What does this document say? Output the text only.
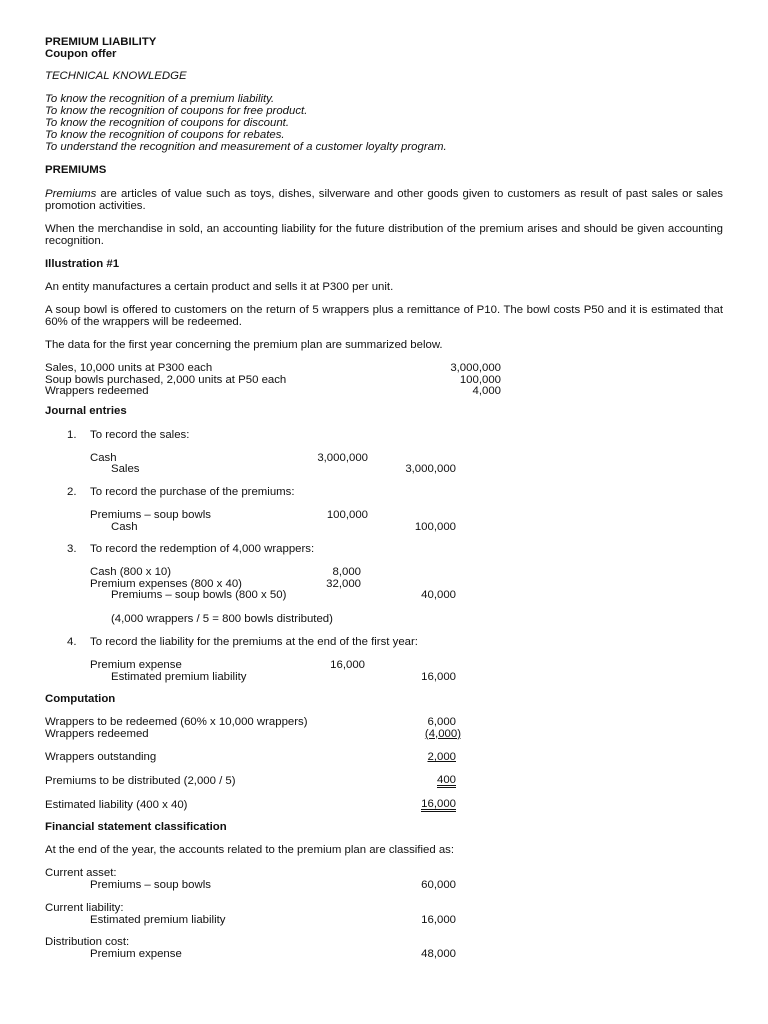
PREMIUM LIABILITY
Coupon offer
TECHNICAL KNOWLEDGE
To know the recognition of a premium liability.
To know the recognition of coupons for free product.
To know the recognition of coupons for discount.
To know the recognition of coupons for rebates.
To understand the recognition and measurement of a customer loyalty program.
PREMIUMS
Premiums are articles of value such as toys, dishes, silverware and other goods given to customers as result of past sales or sales promotion activities.
When the merchandise in sold, an accounting liability for the future distribution of the premium arises and should be given accounting recognition.
Illustration #1
An entity manufactures a certain product and sells it at P300 per unit.
A soup bowl is offered to customers on the return of 5 wrappers plus a remittance of P10. The bowl costs P50 and it is estimated that 60% of the wrappers will be redeemed.
The data for the first year concerning the premium plan are summarized below.
Sales, 10,000 units at P300 each	3,000,000
Soup bowls purchased, 2,000 units at P50 each	100,000
Wrappers redeemed	4,000
Journal entries
1. To record the sales:
Cash	3,000,000
Sales	3,000,000
2. To record the purchase of the premiums:
Premiums – soup bowls	100,000
Cash	100,000
3. To record the redemption of 4,000 wrappers:
Cash (800 x 10)	8,000
Premium expenses (800 x 40)	32,000
Premiums – soup bowls (800 x 50)	40,000
(4,000 wrappers / 5 = 800 bowls distributed)
4. To record the liability for the premiums at the end of the first year:
Premium expense	16,000
Estimated premium liability	16,000
Computation
Wrappers to be redeemed (60% x 10,000 wrappers)	6,000
Wrappers redeemed	(4,000)
Wrappers outstanding	2,000
Premiums to be distributed (2,000 / 5)	400
Estimated liability (400 x 40)	16,000
Financial statement classification
At the end of the year, the accounts related to the premium plan are classified as:
Current asset:
Premiums – soup bowls	60,000
Current liability:
Estimated premium liability	16,000
Distribution cost:
Premium expense	48,000
